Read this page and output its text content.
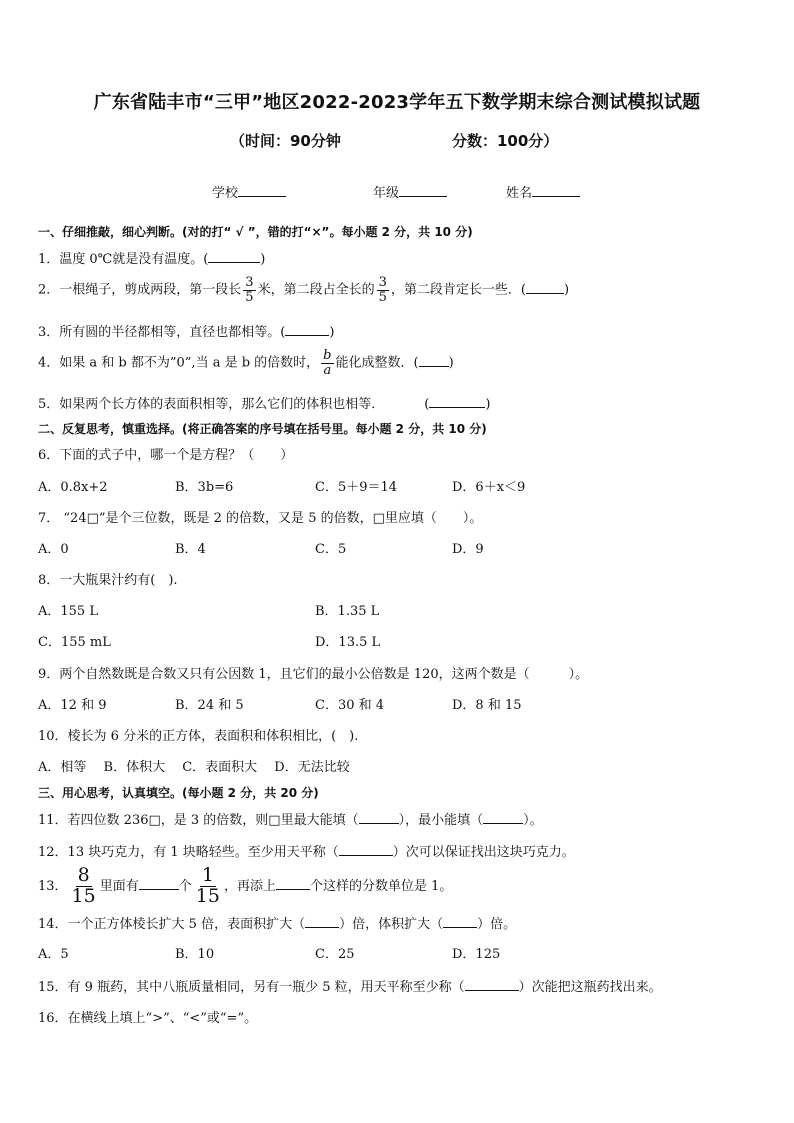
广东省陆丰市“三甲”地区2022-2023学年五下数学期末综合测试模拟试题
（时间：90分钟	分数：100分）
学校	年级	姓名
一、仔细推敲，细心判断。(对的打“ √ ”，错的打“×”。每小题 2 分，共 10 分)
1．温度 0℃就是没有温度。(	)
2．一根绳子，剪成两段，第一段长 $\frac{3}{5}$ 米，第二段占全长的 $\frac{3}{5}$ ，第二段肯定长一些．(	)
3．所有圆的半径都相等，直径也都相等。(	)
4．如果 a 和 b 都不为”0”,当 a 是 b 的倍数时， $\frac{b}{a}$ 能化成整数．( )
5．如果两个长方体的表面积相等，那么它们的体积也相等．	(	)
二、反复思考，慎重选择。(将正确答案的序号填在括号里。每小题 2 分，共 10 分)
6．下面的式子中，哪一个是方程？（　　）
A．0.8x+2	B．3b=6	C．5＋9＝14	D．6＋x＜9
7． “24□”是个三位数，既是 2 的倍数，又是 5 的倍数，□里应填（　　）。
A．0	B．4	C．5	D．9
8．一大瓶果汁约有(　).
A．155 L	B．1.35 L
C．155 mL	D．13.5 L
9．两个自然数既是合数又只有公因数 1，且它们的最小公倍数是 120，这两个数是（　　　）。
A．12 和 9	B．24 和 5	C．30 和 4	D．8 和 15
10．棱长为 6 分米的正方体，表面积和体积相比，(　).
A．相等　 B．体积大　 C．表面积大　 D．无法比较
三、用心思考，认真填空。(每小题 2 分，共 20 分)
11．若四位数 236□，是 3 的倍数，则□里最大能填（	），最小能填（	）。
12．13 块巧克力，有 1 块略轻些。至少用天平称（	）次可以保证找出这块巧克力。
13． $\frac{8}{15}$ 里面有	个 $\frac{1}{15}$ ，再添上	个这样的分数单位是 1。
14．一个正方体棱长扩大 5 倍，表面积扩大（	）倍，体积扩大（	）倍。
A．5	B．10	C．25	D．125
15．有 9 瓶药，其中八瓶质量相同，另有一瓶少 5 粒，用天平称至少称（	）次能把这瓶药找出来。
16．在横线上填上“>”、“<”或“=”。
